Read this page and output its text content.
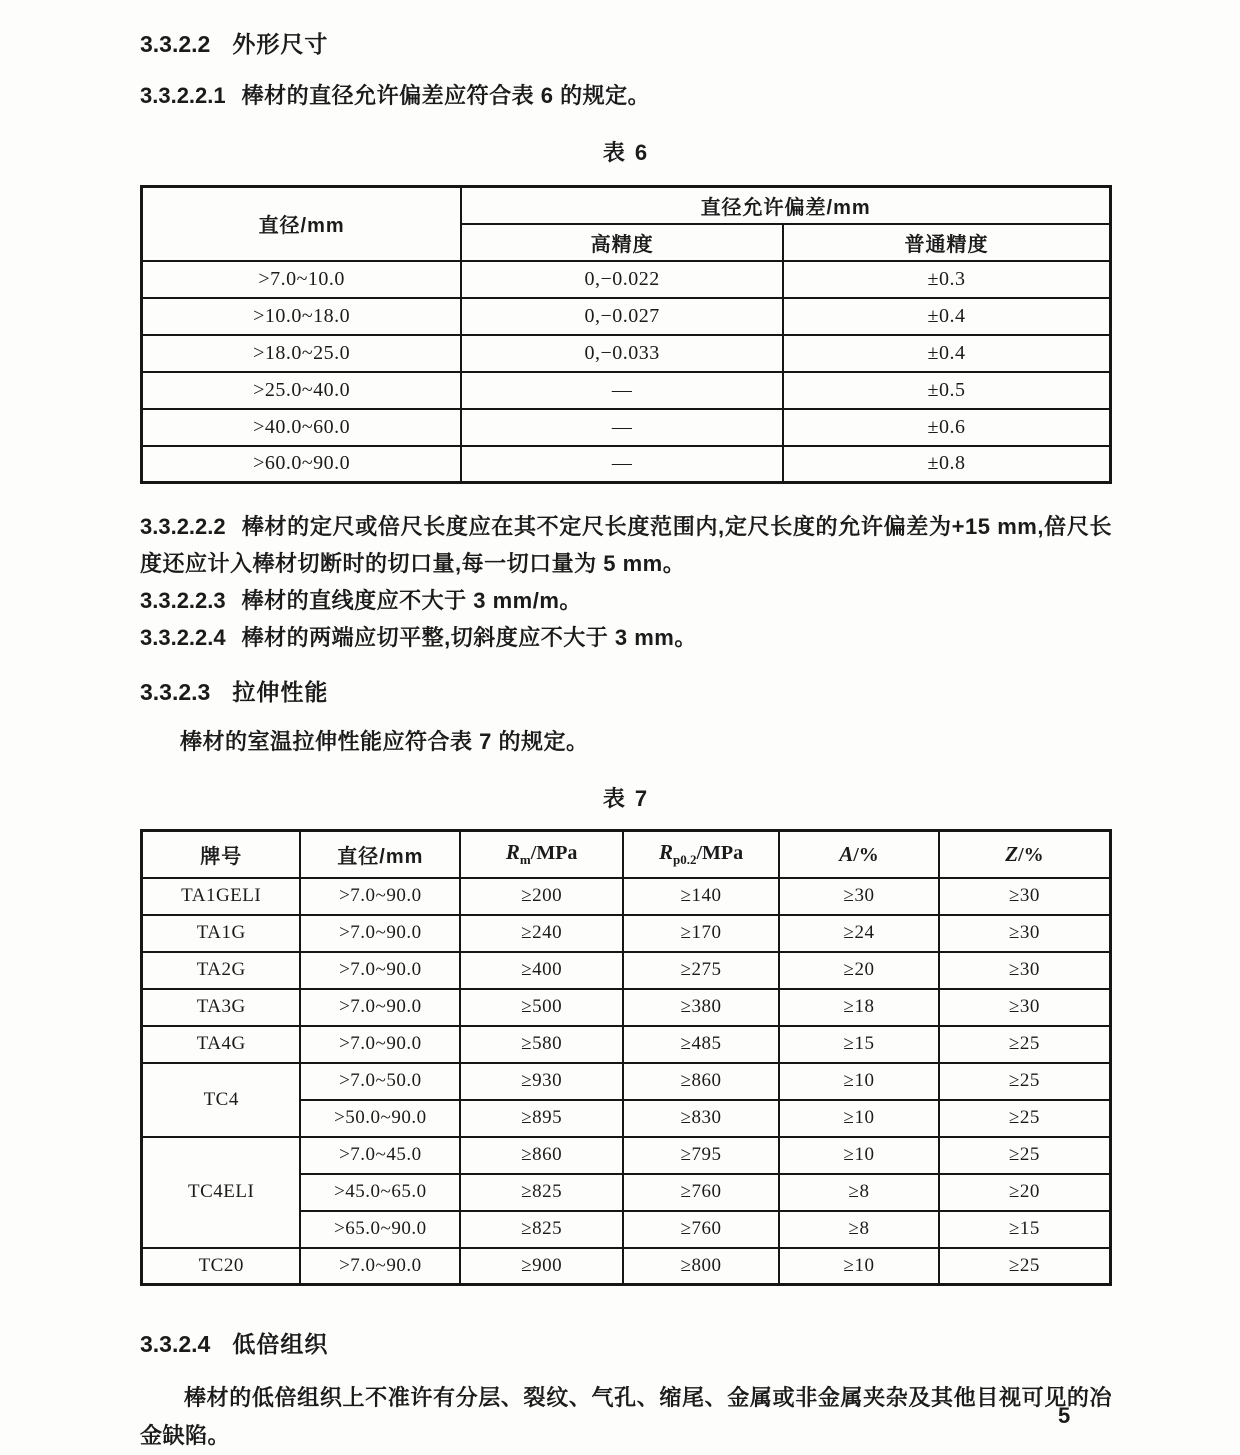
3.3.2.2 外形尺寸

3.3.2.2.1 棒材的直径允许偏差应符合表 6 的规定。

表 6
直径/mm	直径允许偏差/mm	
	高精度	普通精度
>7.0~10.0	0,−0.022	±0.3
>10.0~18.0	0,−0.027	±0.4
>18.0~25.0	0,−0.033	±0.4
>25.0~40.0	—	±0.5
>40.0~60.0	—	±0.6
>60.0~90.0	—	±0.8

3.3.2.2.2 棒材的定尺或倍尺长度应在其不定尺长度范围内,定尺长度的允许偏差为+15 mm,倍尺长度还应计入棒材切断时的切口量,每一切口量为 5 mm。

3.3.2.2.3 棒材的直线度应不大于 3 mm/m。

3.3.2.2.4 棒材的两端应切平整,切斜度应不大于 3 mm。

3.3.2.3 拉伸性能

棒材的室温拉伸性能应符合表 7 的规定。

表 7
牌号	直径/mm	$R_m$/MPa	$R_{p0.2}$/MPa	A/%	Z/%
TA1GELI	>7.0~90.0	≥200	≥140	≥30	≥30
TA1G	>7.0~90.0	≥240	≥170	≥24	≥30
TA2G	>7.0~90.0	≥400	≥275	≥20	≥30
TA3G	>7.0~90.0	≥500	≥380	≥18	≥30
TA4G	>7.0~90.0	≥580	≥485	≥15	≥25
TC4	>7.0~50.0	≥930	≥860	≥10	≥25
	>50.0~90.0	≥895	≥830	≥10	≥25
TC4ELI	>7.0~45.0	≥860	≥795	≥10	≥25
	>45.0~65.0	≥825	≥760	≥8	≥20
	>65.0~90.0	≥825	≥760	≥8	≥15
TC20	>7.0~90.0	≥900	≥800	≥10	≥25
3.3.2.4 低倍组织

棒材的低倍组织上不准许有分层、裂纹、气孔、缩尾、金属或非金属夹杂及其他目视可见的冶金缺陷。

5
